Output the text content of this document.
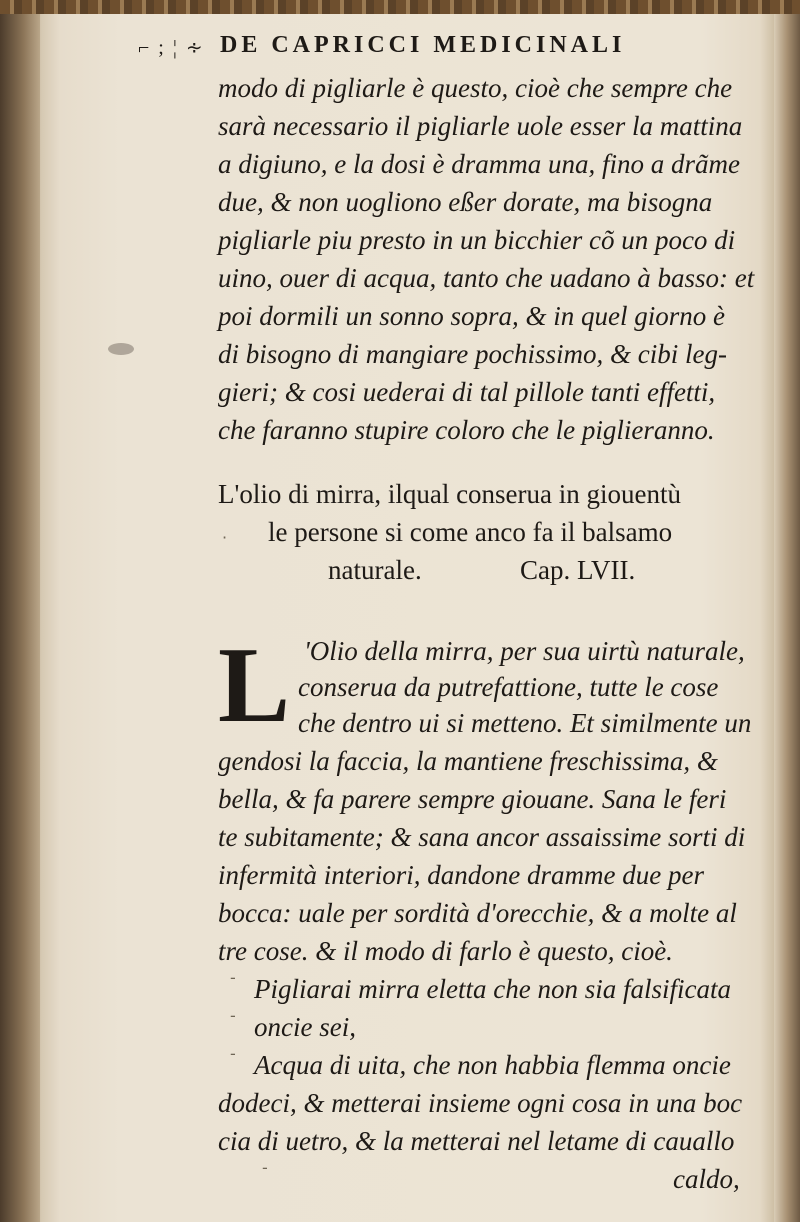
⌐ ; ¦ ∻ DE CAPRICCI MEDICINALI
modo di pigliarle è questo, cioè che sempre che
sarà necessario il pigliarle uole esser la mattina
a digiuno, e la dosi è dramma una, fino a drãme
due, & non uogliono eßer dorate, ma bisogna
pigliarle piu presto in un bicchier cõ un poco di
uino, ouer di acqua, tanto che uadano à basso: et
poi dormili un sonno sopra, & in quel giorno è
di bisogno di mangiare pochissimo, & cibi leg-
gieri; & cosi uederai di tal pillole tanti effetti,
che faranno stupire coloro che le piglieranno.
L'olio di mirra, ilqual conserua in giouentù
le persone si come anco fa il balsamo
naturale.	Cap. LVII.
'Olio della mirra, per sua uirtù naturale,
conserua da putrefattione, tutte le cose
che dentro ui si metteno. Et similmente un
gendosi la faccia, la mantiene freschissima, &
bella, & fa parere sempre giouane. Sana le feri
te subitamente; & sana ancor assaissime sorti di
infermità interiori, dandone dramme due per
bocca: uale per sordità d'orecchie, & a molte al
tre cose. & il modo di farlo è questo, cioè.
Pigliarai mirra eletta che non sia falsificata
oncie sei,
Acqua di uita, che non habbia flemma oncie
dodeci, & metterai insieme ogni cosa in una boc
cia di uetro, & la metterai nel letame di cauallo
caldo,
L
·
-
-
-
-
